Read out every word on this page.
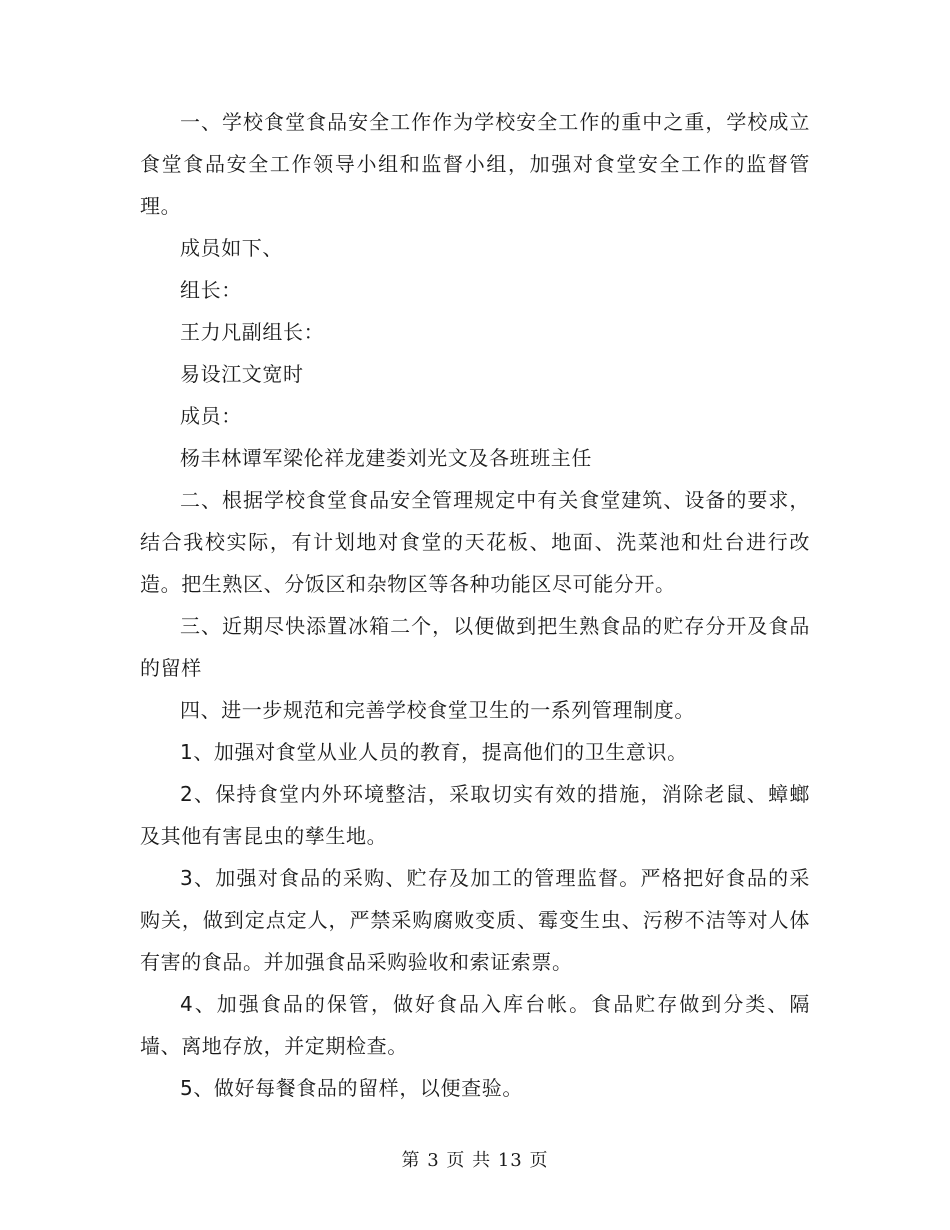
一、学校食堂食品安全工作作为学校安全工作的重中之重，学校成立食堂食品安全工作领导小组和监督小组，加强对食堂安全工作的监督管理。

成员如下、

组长：

王力凡副组长：

易设江文宽时

成员：

杨丰林谭军梁伦祥龙建娄刘光文及各班班主任

二、根据学校食堂食品安全管理规定中有关食堂建筑、设备的要求，结合我校实际，有计划地对食堂的天花板、地面、洗菜池和灶台进行改造。把生熟区、分饭区和杂物区等各种功能区尽可能分开。

三、近期尽快添置冰箱二个，以便做到把生熟食品的贮存分开及食品的留样

四、进一步规范和完善学校食堂卫生的一系列管理制度。

1、加强对食堂从业人员的教育，提高他们的卫生意识。

2、保持食堂内外环境整洁，采取切实有效的措施，消除老鼠、蟑螂及其他有害昆虫的孳生地。

3、加强对食品的采购、贮存及加工的管理监督。严格把好食品的采购关，做到定点定人，严禁采购腐败变质、霉变生虫、污秽不洁等对人体有害的食品。并加强食品采购验收和索证索票。

4、加强食品的保管，做好食品入库台帐。食品贮存做到分类、隔墙、离地存放，并定期检查。

5、做好每餐食品的留样，以便查验。

第 3 页 共 13 页
